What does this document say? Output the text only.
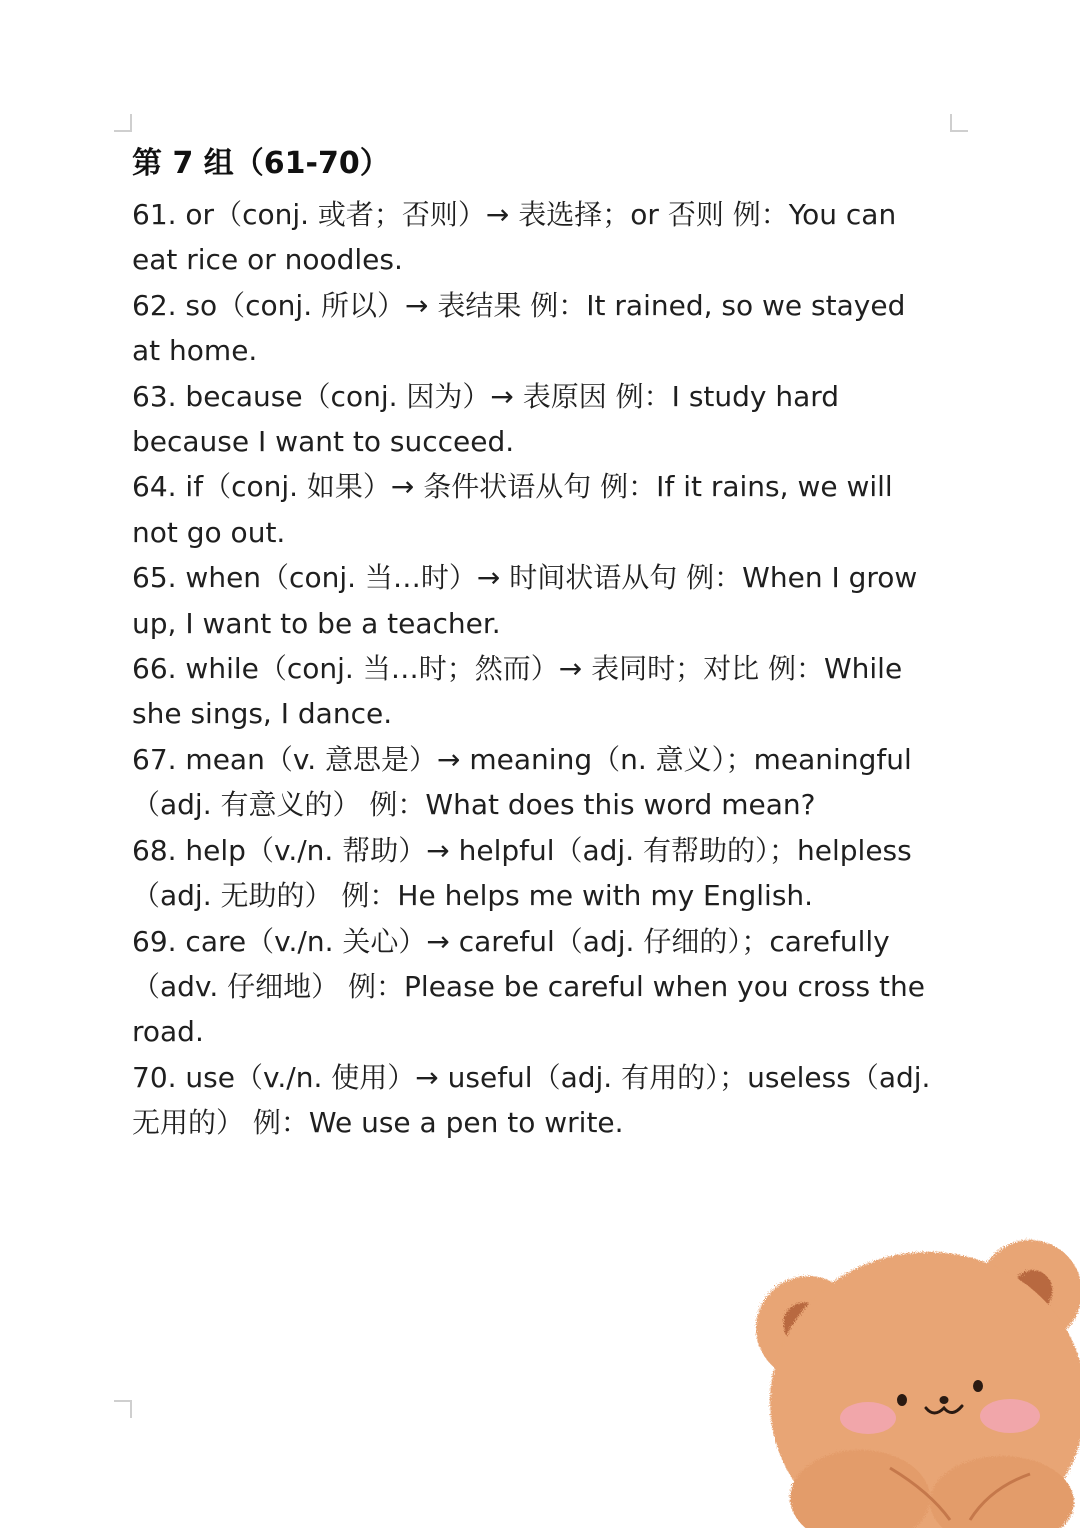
第 7 组（61-70）
61. or（conj. 或者；否则）→ 表选择；or 否则 例：You can eat rice or noodles.
62. so（conj. 所以）→ 表结果 例：It rained, so we stayed at home.
63. because（conj. 因为）→ 表原因 例：I study hard because I want to succeed.
64. if（conj. 如果）→ 条件状语从句 例：If it rains, we will not go out.
65. when（conj. 当…时）→ 时间状语从句 例：When I grow up, I want to be a teacher.
66. while（conj. 当…时；然而）→ 表同时；对比 例：While she sings, I dance.
67. mean（v. 意思是）→ meaning（n. 意义）；meaningful（adj. 有意义的） 例：What does this word mean?
68. help（v./n. 帮助）→ helpful（adj. 有帮助的）；helpless（adj. 无助的） 例：He helps me with my English.
69. care（v./n. 关心）→ careful（adj. 仔细的）；carefully（adv. 仔细地） 例：Please be careful when you cross the road.
70. use（v./n. 使用）→ useful（adj. 有用的）；useless（adj. 无用的） 例：We use a pen to write.
